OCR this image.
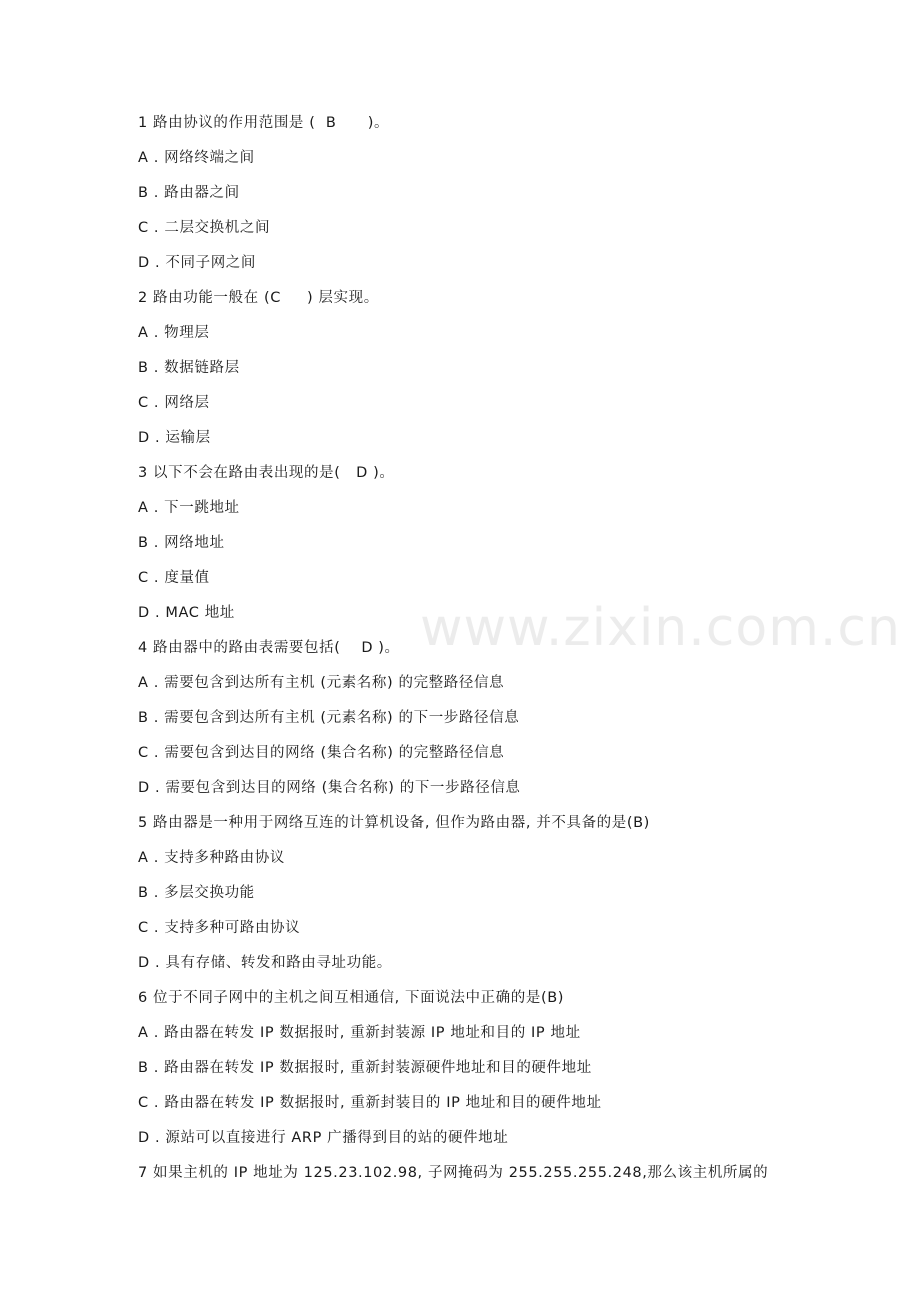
www.zixin.com.cn
1 路由协议的作用范围是 (  B      )。
A . 网络终端之间
B . 路由器之间
C . 二层交换机之间
D . 不同子网之间
2 路由功能一般在 (C     ) 层实现。
A . 物理层
B . 数据链路层
C . 网络层
D . 运输层
3 以下不会在路由表出现的是(   D )。
A . 下一跳地址
B . 网络地址
C . 度量值
D . MAC 地址
4 路由器中的路由表需要包括(    D )。
A . 需要包含到达所有主机 (元素名称) 的完整路径信息
B . 需要包含到达所有主机 (元素名称) 的下一步路径信息
C . 需要包含到达目的网络 (集合名称) 的完整路径信息
D . 需要包含到达目的网络 (集合名称) 的下一步路径信息
5 路由器是一种用于网络互连的计算机设备, 但作为路由器, 并不具备的是(B)
A . 支持多种路由协议
B . 多层交换功能
C . 支持多种可路由协议
D . 具有存储、转发和路由寻址功能。
6 位于不同子网中的主机之间互相通信, 下面说法中正确的是(B)
A . 路由器在转发 IP 数据报时, 重新封装源 IP 地址和目的 IP 地址
B . 路由器在转发 IP 数据报时, 重新封装源硬件地址和目的硬件地址
C . 路由器在转发 IP 数据报时, 重新封装目的 IP 地址和目的硬件地址
D . 源站可以直接进行 ARP 广播得到目的站的硬件地址
7 如果主机的 IP 地址为 125.23.102.98, 子网掩码为 255.255.255.248,那么该主机所属的
